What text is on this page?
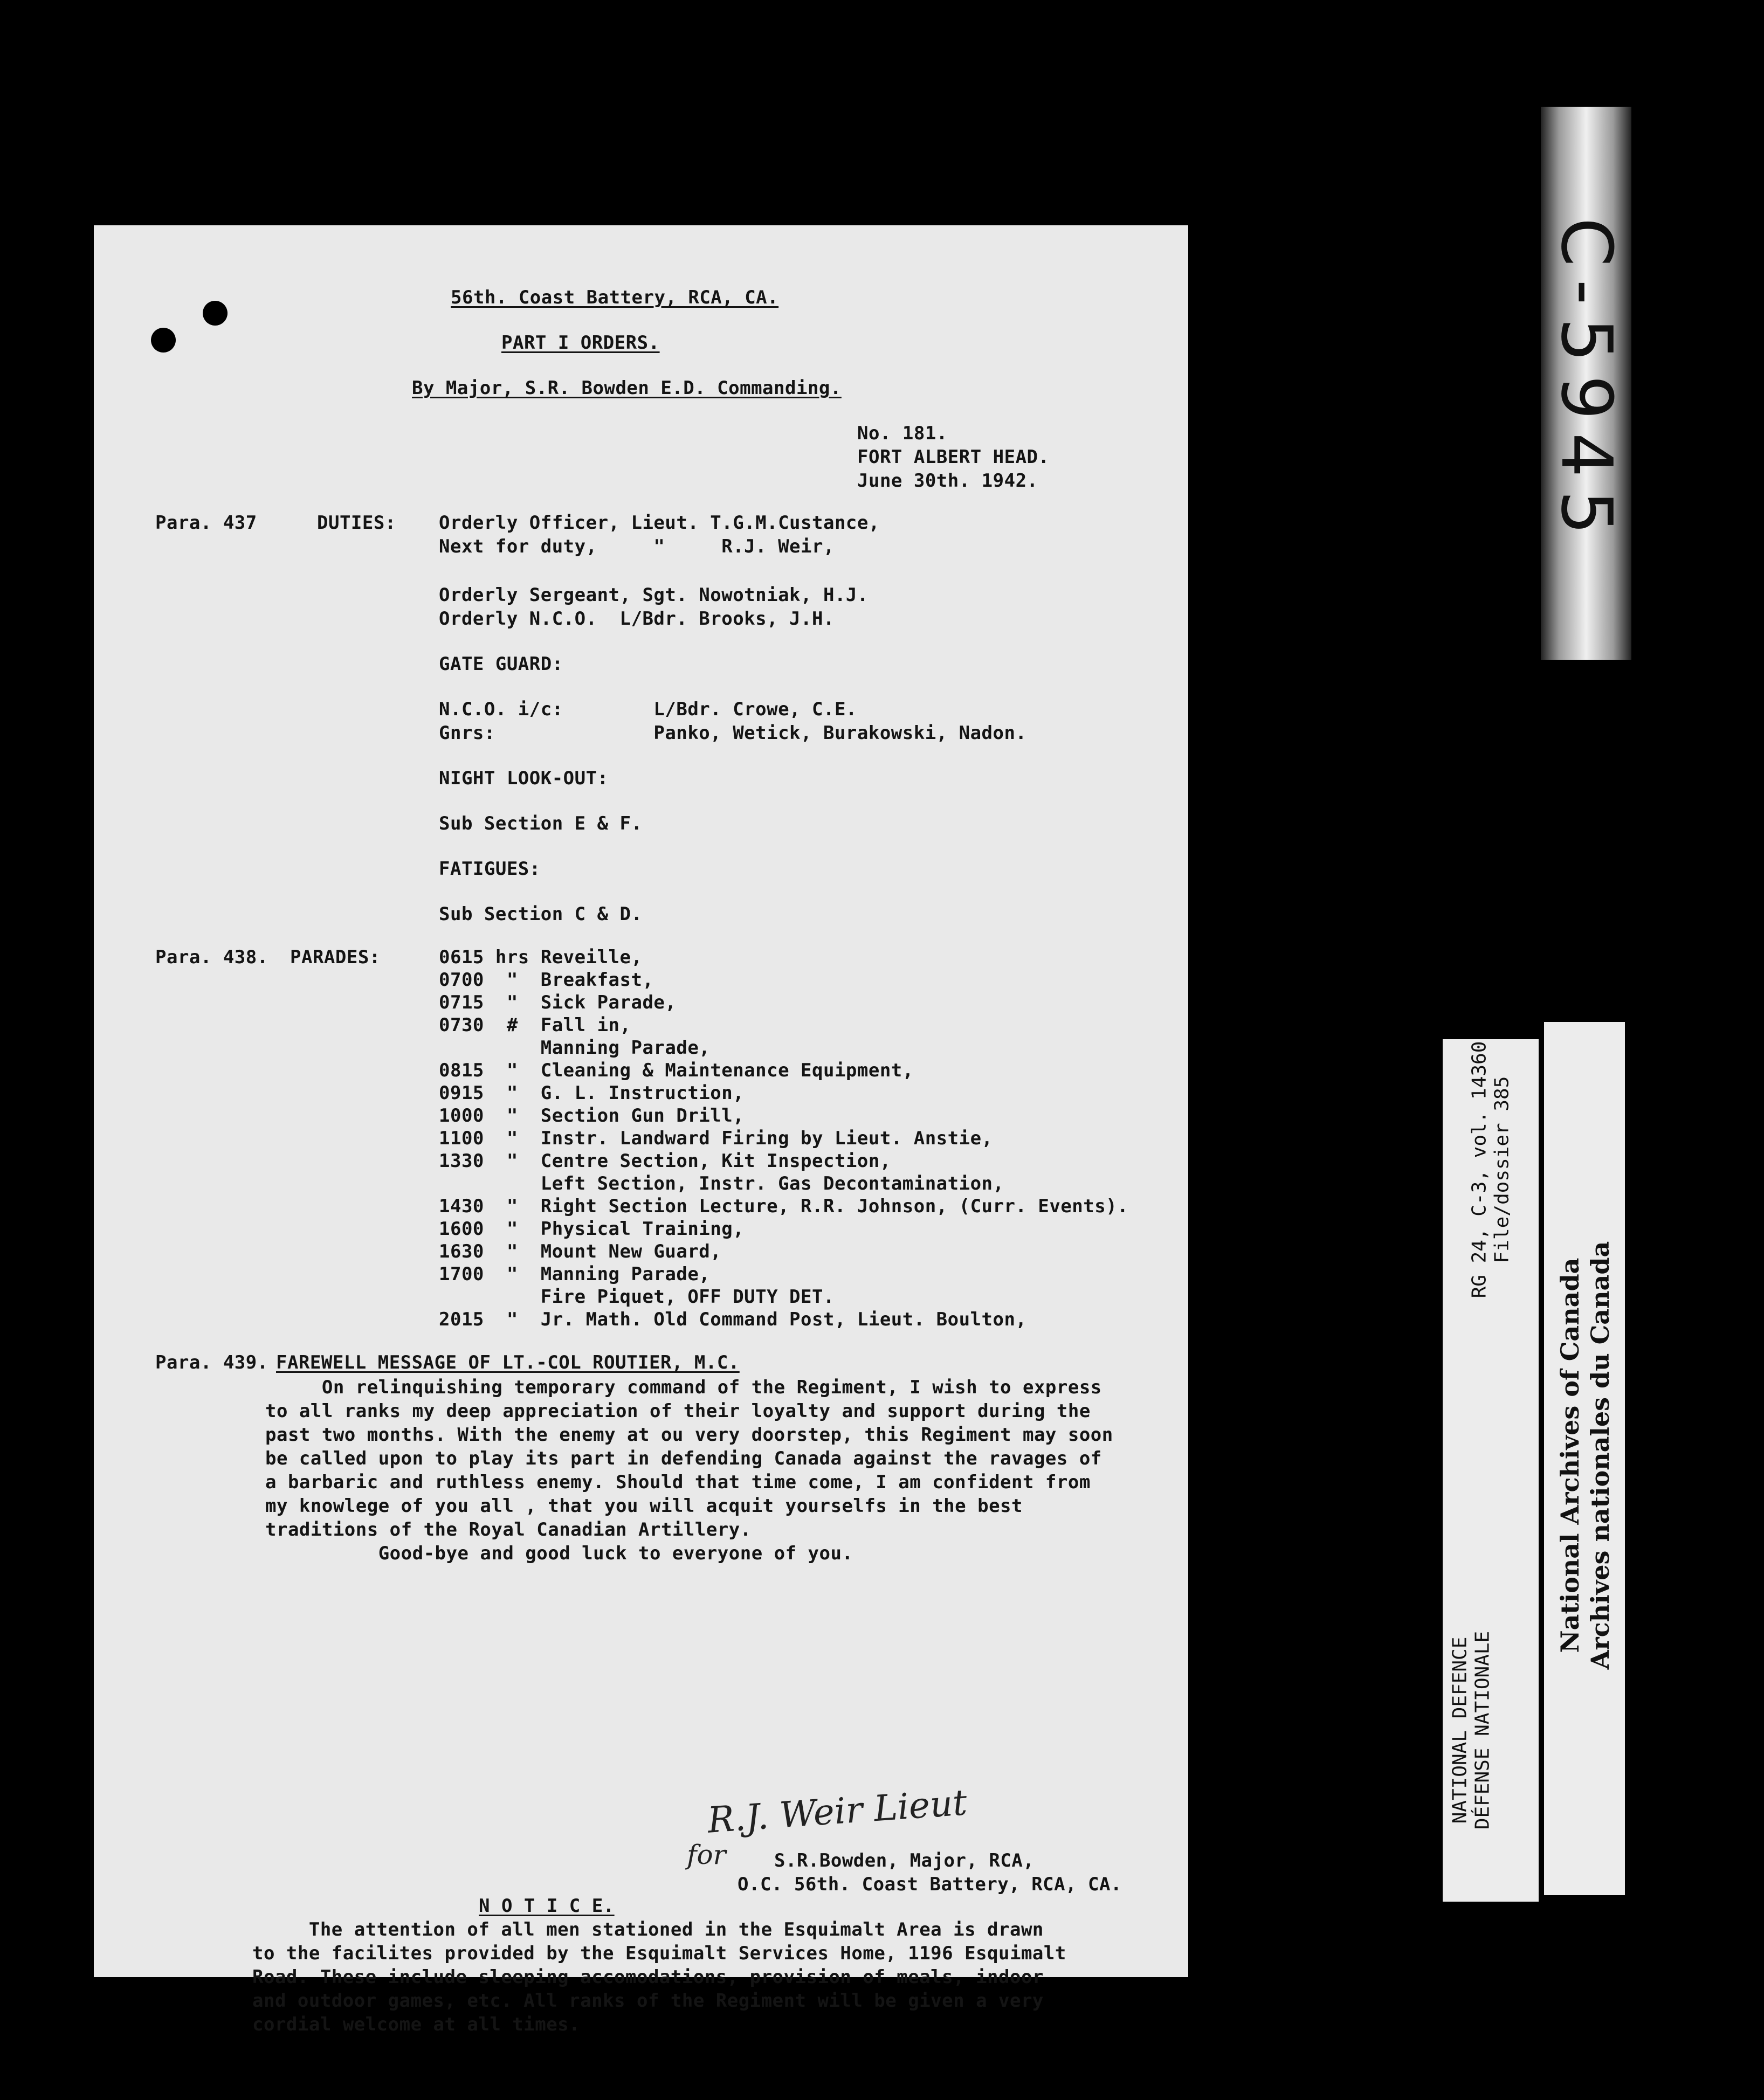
56th. Coast Battery, RCA, CA.
PART I ORDERS.
By Major, S.R. Bowden E.D. Commanding.
No. 181.
FORT ALBERT HEAD.
June 30th. 1942.
Para. 437	DUTIES: Orderly Officer, Lieut. T.G.M.Custance,
Next for duty,     "     R.J. Weir,
Orderly Sergeant, Sgt. Nowotniak, H.J.
Orderly N.C.O.  L/Bdr. Brooks, J.H.
GATE GUARD:
N.C.O. i/c:        L/Bdr. Crowe, C.E.
Gnrs:              Panko, Wetick, Burakowski, Nadon.
NIGHT LOOK-OUT:
Sub Section E & F.
FATIGUES:
Sub Section C & D.
Para. 438. PARADES:	0615 hrs Reveille,
0700  "  Breakfast,
0715  "  Sick Parade,
0730  #  Fall in,
Manning Parade,
0815  "  Cleaning & Maintenance Equipment,
0915  "  G. L. Instruction,
1000  "  Section Gun Drill,
1100  "  Instr. Landward Firing by Lieut. Anstie,
1330  "  Centre Section, Kit Inspection,
Left Section, Instr. Gas Decontamination,
1430  "  Right Section Lecture, R.R. Johnson, (Curr. Events).
1600  "  Physical Training,
1630  "  Mount New Guard,
1700  "  Manning Parade,
Fire Piquet, OFF DUTY DET.
2015  "  Jr. Math. Old Command Post, Lieut. Boulton,
Para. 439. FAREWELL MESSAGE OF LT.-COL ROUTIER, M.C.
On relinquishing temporary command of the Regiment, I wish to express
to all ranks my deep appreciation of their loyalty and support during the
past two months. With the enemy at ou very doorstep, this Regiment may soon
be called upon to play its part in defending Canada against the ravages of
a barbaric and ruthless enemy. Should that time come, I am confident from
my knowlege of you all , that you will acquit yourselfs in the best
traditions of the Royal Canadian Artillery.
Good-bye and good luck to everyone of you.
R.J. Weir Lieut
for	S.R.Bowden, Major, RCA,
O.C. 56th. Coast Battery, RCA, CA.
N O T I C E.
The attention of all men stationed in the Esquimalt Area is drawn
to the facilites provided by the Esquimalt Services Home, 1196 Esquimalt
Road. These include sleeping accomodations, provision of meals, indoor
and outdoor games, etc. All ranks of the Regiment will be given a very
cordial welcome at all times.
C-5945
NATIONAL DEFENCE DÉFENSE NATIONALE
RG 24, C-3, vol. 14360 File/dossier 385
National Archives of Canada Archives nationales du Canada
